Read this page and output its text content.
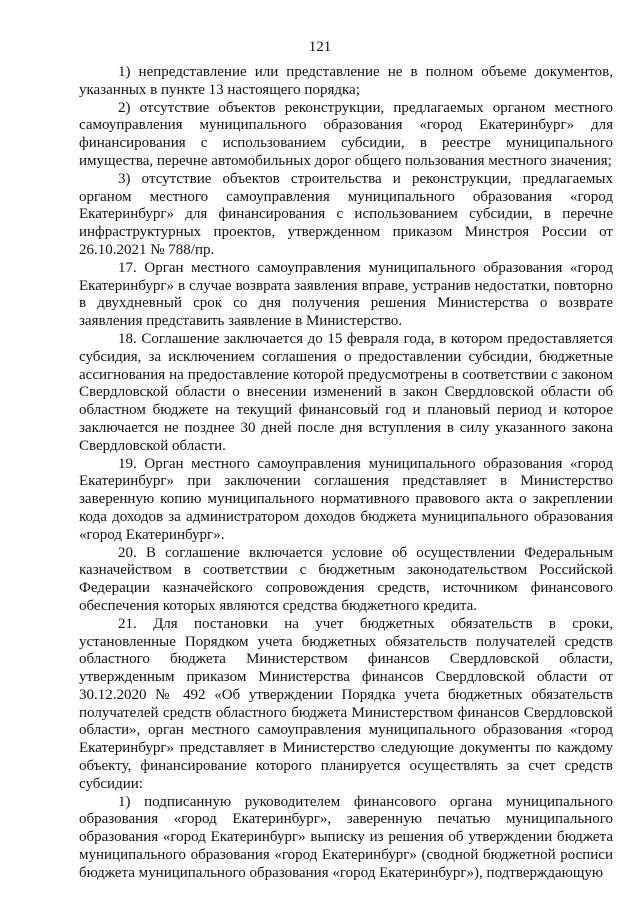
121

1) непредставление или представление не в полном объеме документов, указанных в пункте 13 настоящего порядка;

2) отсутствие объектов реконструкции, предлагаемых органом местного самоуправления муниципального образования «город Екатеринбург» для финансирования с использованием субсидии, в реестре муниципального имущества, перечне автомобильных дорог общего пользования местного значения;

3) отсутствие объектов строительства и реконструкции, предлагаемых органом местного самоуправления муниципального образования «город Екатеринбург» для финансирования с использованием субсидии, в перечне инфраструктурных проектов, утвержденном приказом Минстроя России от 26.10.2021 № 788/пр.

17. Орган местного самоуправления муниципального образования «город Екатеринбург» в случае возврата заявления вправе, устранив недостатки, повторно в двухдневный срок со дня получения решения Министерства о возврате заявления представить заявление в Министерство.

18. Соглашение заключается до 15 февраля года, в котором предоставляется субсидия, за исключением соглашения о предоставлении субсидии, бюджетные ассигнования на предоставление которой предусмотрены в соответствии с законом Свердловской области о внесении изменений в закон Свердловской области об областном бюджете на текущий финансовый год и плановый период и которое заключается не позднее 30 дней после дня вступления в силу указанного закона Свердловской области.

19. Орган местного самоуправления муниципального образования «город Екатеринбург» при заключении соглашения представляет в Министерство заверенную копию муниципального нормативного правового акта о закреплении кода доходов за администратором доходов бюджета муниципального образования «город Екатеринбург».

20. В соглашение включается условие об осуществлении Федеральным казначейством в соответствии с бюджетным законодательством Российской Федерации казначейского сопровождения средств, источником финансового обеспечения которых являются средства бюджетного кредита.

21. Для постановки на учет бюджетных обязательств в сроки, установленные Порядком учета бюджетных обязательств получателей средств областного бюджета Министерством финансов Свердловской области, утвержденным приказом Министерства финансов Свердловской области от 30.12.2020 № 492 «Об утверждении Порядка учета бюджетных обязательств получателей средств областного бюджета Министерством финансов Свердловской области», орган местного самоуправления муниципального образования «город Екатеринбург» представляет в Министерство следующие документы по каждому объекту, финансирование которого планируется осуществлять за счет средств субсидии:

1) подписанную руководителем финансового органа муниципального образования «город Екатеринбург», заверенную печатью муниципального образования «город Екатеринбург» выписку из решения об утверждении бюджета муниципального образования «город Екатеринбург» (сводной бюджетной росписи бюджета муниципального образования «город Екатеринбург»), подтверждающую
